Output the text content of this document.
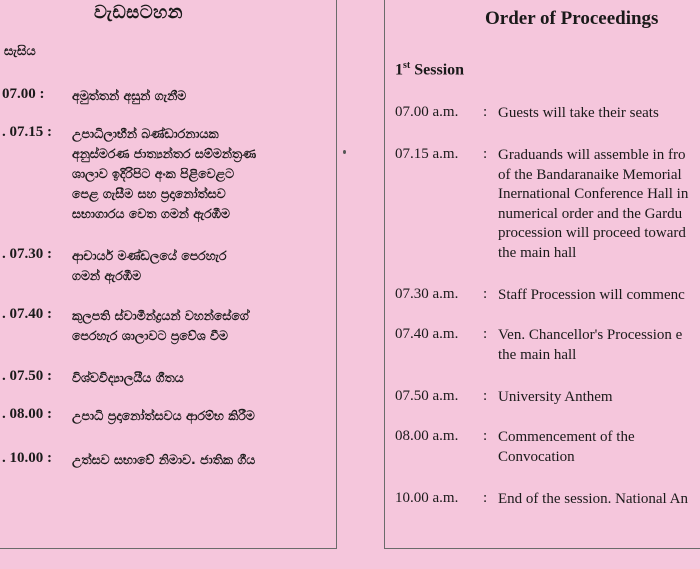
වැඩසටහන
සැසිය
07.00 : අමුත්තන් අසුන් ගැනීම
. 07.15 : උපාධිලාභීන් බණ්ඩාරනායක
අනුස්මරණ ජාත්‍යන්තර සම්මන්ත්‍රණ
ශාලාව ඉදිරිපිට අංක පිළිවෙළට
පෙළ ගැසීම සහ ප්‍රදානෝත්සව
සභාගාරය වෙත ගමන් ඇරඹීම
. 07.30 : ආචාර්ය මණ්ඩලයේ පෙරහැර
ගමන් ඇරඹීම
. 07.40 : කුලපති ස්වාමීන්ද්‍රයන් වහන්සේගේ
පෙරහැර ශාලාවට ප්‍රවේශ වීම
. 07.50 : විශ්වවිද්‍යාලයීය ගීතය
. 08.00 : උපාධි ප්‍රදානෝත්සවය ආරම්භ කිරීම
. 10.00 : උත්සව සභාවේ නිමාව. ජාතික ගීය
Order of Proceedings
1st Session
07.00 a.m. : Guests will take their seats
07.15 a.m. : Graduands will assemble in fro
of the Bandaranaike Memorial
Inernational Conference Hall in
numerical order and the Gardu
procession will proceed toward
the main hall
07.30 a.m. : Staff Procession will commenc
07.40 a.m. : Ven. Chancellor's Procession e
the main hall
07.50 a.m. : University Anthem
08.00 a.m. : Commencement of the
Convocation
10.00 a.m. : End of the session. National An
